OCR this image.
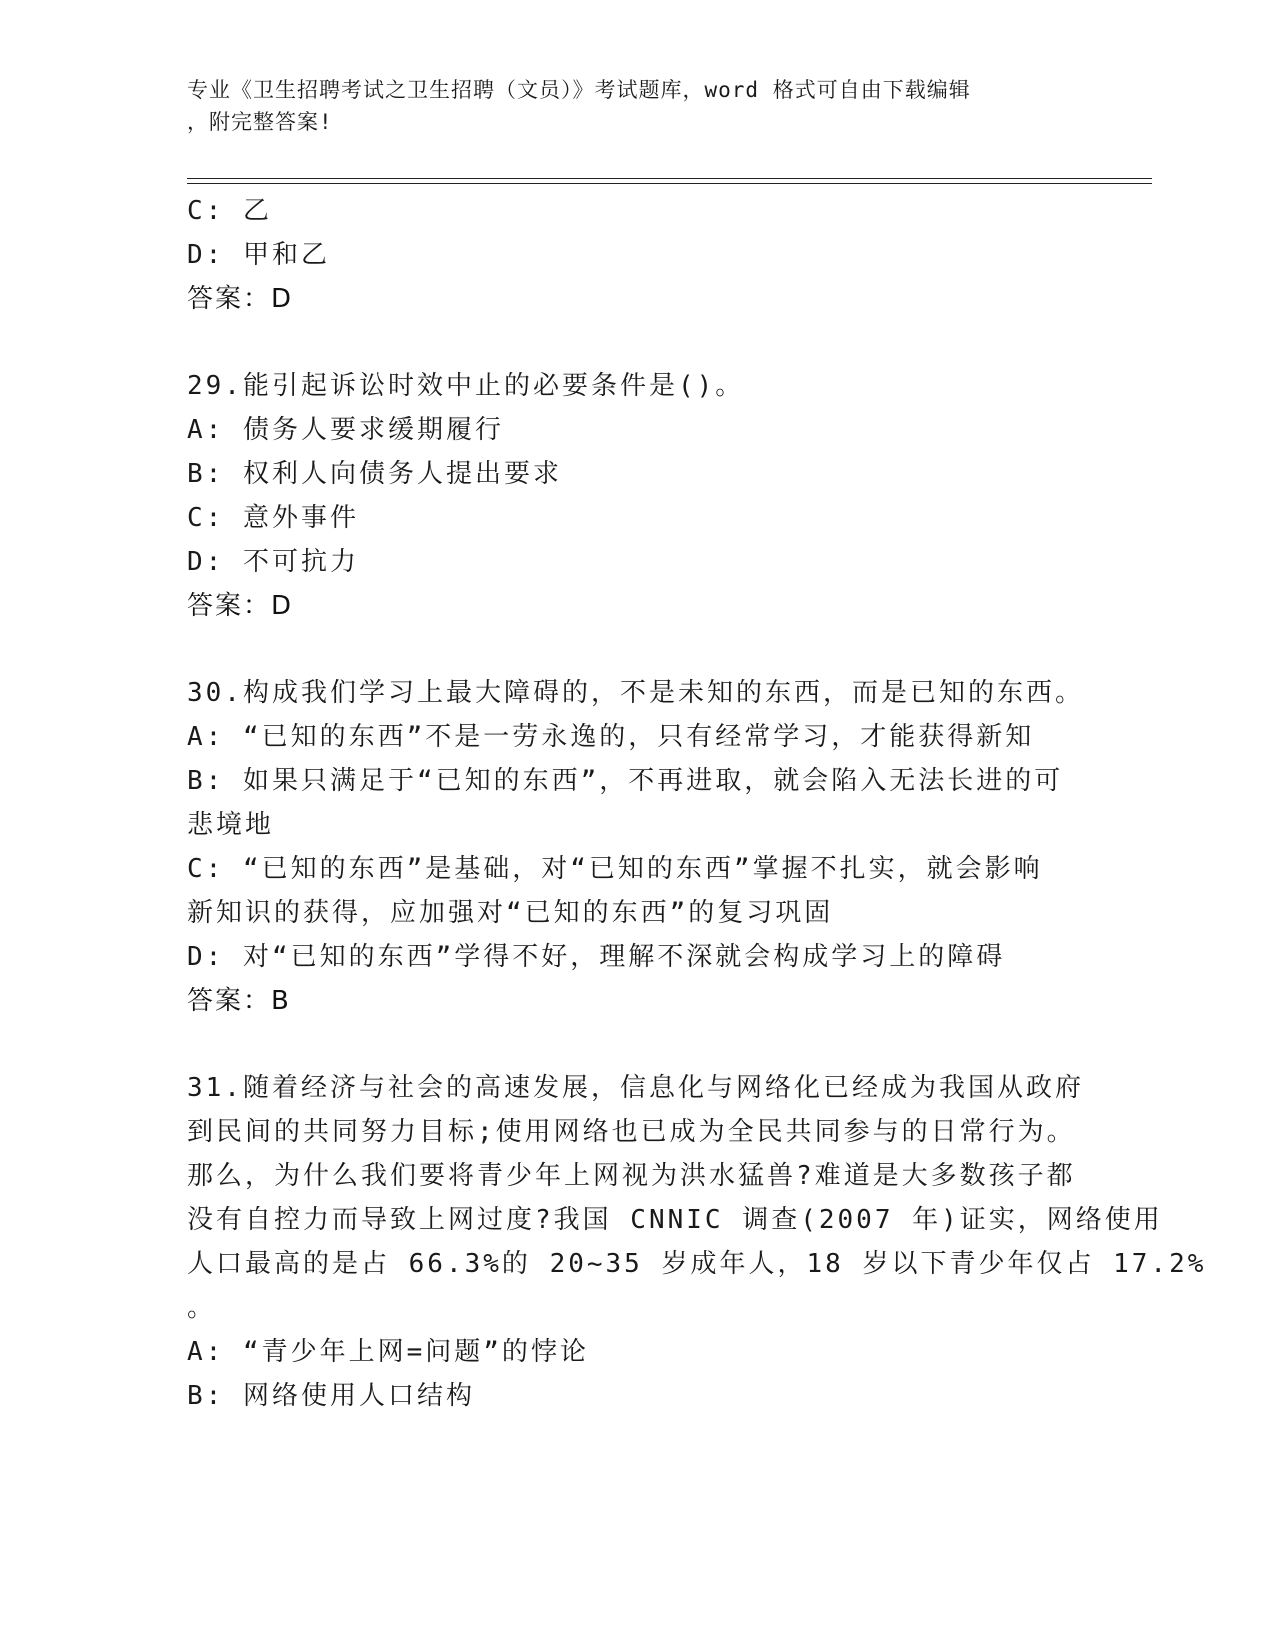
专业《卫生招聘考试之卫生招聘（文员）》考试题库，word 格式可自由下载编辑
，附完整答案!
C: 乙
D: 甲和乙
答案：D
29.能引起诉讼时效中止的必要条件是()。
A: 债务人要求缓期履行
B: 权利人向债务人提出要求
C: 意外事件
D: 不可抗力
答案：D
30.构成我们学习上最大障碍的，不是未知的东西，而是已知的东西。
A: “已知的东西”不是一劳永逸的，只有经常学习，才能获得新知
B: 如果只满足于“已知的东西”，不再进取，就会陷入无法长进的可
悲境地
C: “已知的东西”是基础，对“已知的东西”掌握不扎实，就会影响
新知识的获得，应加强对“已知的东西”的复习巩固
D: 对“已知的东西”学得不好，理解不深就会构成学习上的障碍
答案：B
31.随着经济与社会的高速发展，信息化与网络化已经成为我国从政府
到民间的共同努力目标;使用网络也已成为全民共同参与的日常行为。
那么，为什么我们要将青少年上网视为洪水猛兽?难道是大多数孩子都
没有自控力而导致上网过度?我国 CNNIC 调查(2007 年)证实，网络使用
人口最高的是占 66.3%的 20~35 岁成年人，18 岁以下青少年仅占 17.2%
。
A: “青少年上网=问题”的悖论
B: 网络使用人口结构
